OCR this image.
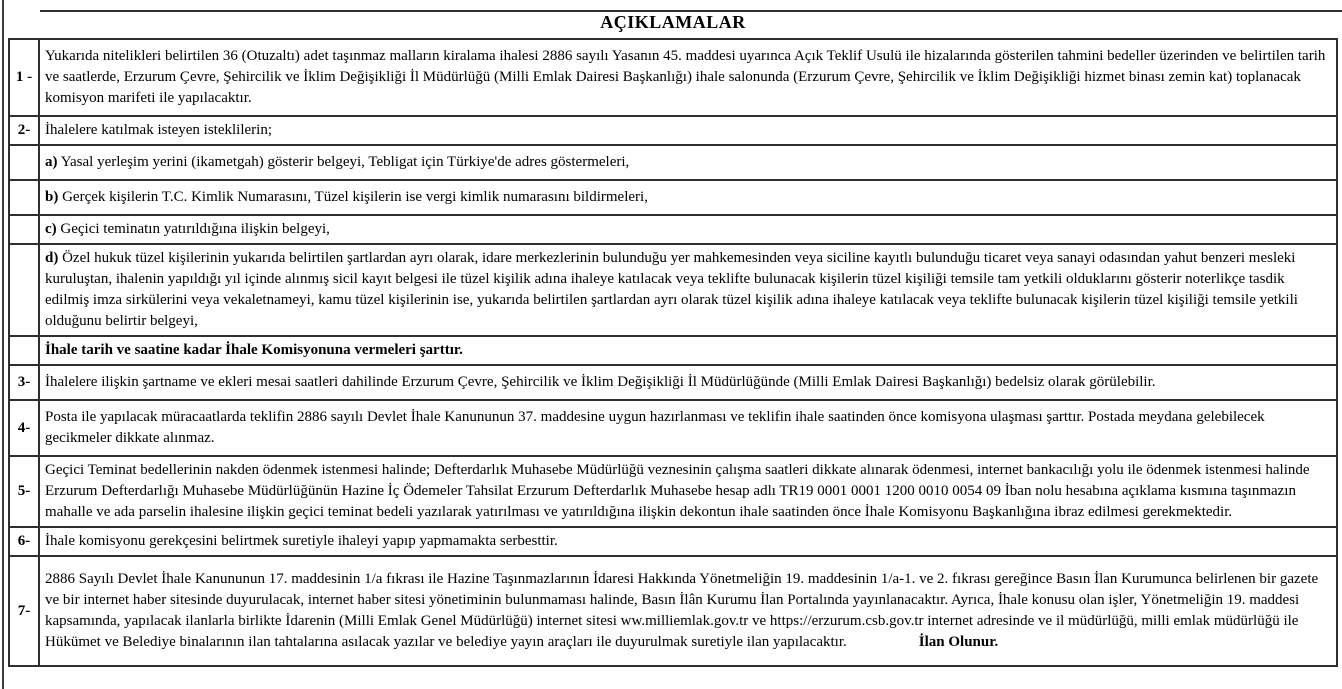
AÇIKLAMALAR
1 -	Yukarıda nitelikleri belirtilen 36 (Otuzaltı) adet taşınmaz malların kiralama ihalesi 2886 sayılı Yasanın 45. maddesi uyarınca Açık Teklif Usulü ile hizalarında gösterilen tahmini bedeller üzerinden ve belirtilen tarih ve saatlerde, Erzurum Çevre, Şehircilik ve İklim Değişikliği İl Müdürlüğü (Milli Emlak Dairesi Başkanlığı) ihale salonunda (Erzurum Çevre, Şehircilik ve İklim Değişikliği hizmet binası zemin kat) toplanacak komisyon marifeti ile yapılacaktır.
2-	İhalelere katılmak isteyen isteklilerin;
	a) Yasal yerleşim yerini (ikametgah) gösterir belgeyi, Tebligat için Türkiye'de adres göstermeleri,
	b) Gerçek kişilerin T.C. Kimlik Numarasını, Tüzel kişilerin ise vergi kimlik numarasını bildirmeleri,
	c) Geçici teminatın yatırıldığına ilişkin belgeyi,
	d) Özel hukuk tüzel kişilerinin yukarıda belirtilen şartlardan ayrı olarak, idare merkezlerinin bulunduğu yer mahkemesinden veya siciline kayıtlı bulunduğu ticaret veya sanayi odasından yahut benzeri mesleki kuruluştan, ihalenin yapıldığı yıl içinde alınmış sicil kayıt belgesi ile tüzel kişilik adına ihaleye katılacak veya teklifte bulunacak kişilerin tüzel kişiliği temsile tam yetkili olduklarını gösterir noterlikçe tasdik edilmiş imza sirkülerini veya vekaletnameyi, kamu tüzel kişilerinin ise, yukarıda belirtilen şartlardan ayrı olarak tüzel kişilik adına ihaleye katılacak veya teklifte bulunacak kişilerin tüzel kişiliği temsile yetkili olduğunu belirtir belgeyi,
	İhale tarih ve saatine kadar İhale Komisyonuna vermeleri şarttır.
3-	İhalelere ilişkin şartname ve ekleri mesai saatleri dahilinde Erzurum Çevre, Şehircilik ve İklim Değişikliği İl Müdürlüğünde (Milli Emlak Dairesi Başkanlığı) bedelsiz olarak görülebilir.
4-	Posta ile yapılacak müracaatlarda teklifin 2886 sayılı Devlet İhale Kanununun 37. maddesine uygun hazırlanması ve teklifin ihale saatinden önce komisyona ulaşması şarttır. Postada meydana gelebilecek gecikmeler dikkate alınmaz.
5-	Geçici Teminat bedellerinin nakden ödenmek istenmesi halinde; Defterdarlık Muhasebe Müdürlüğü veznesinin çalışma saatleri dikkate alınarak ödenmesi, internet bankacılığı yolu ile ödenmek istenmesi halinde Erzurum Defterdarlığı Muhasebe Müdürlüğünün Hazine İç Ödemeler Tahsilat Erzurum Defterdarlık Muhasebe hesap adlı TR19 0001 0001 1200 0010 0054 09 İban nolu hesabına açıklama kısmına taşınmazın mahalle ve ada parselin ihalesine ilişkin geçici teminat bedeli yazılarak yatırılması ve yatırıldığına ilişkin dekontun ihale saatinden önce İhale Komisyonu Başkanlığına ibraz edilmesi gerekmektedir.
6-	İhale komisyonu gerekçesini belirtmek suretiyle ihaleyi yapıp yapmamakta serbesttir.
7-	2886 Sayılı Devlet İhale Kanununun 17. maddesinin 1/a fıkrası ile Hazine Taşınmazlarının İdaresi Hakkında Yönetmeliğin 19. maddesinin 1/a-1. ve 2. fıkrası gereğince Basın İlan Kurumunca belirlenen bir gazete ve bir internet haber sitesinde duyurulacak, internet haber sitesi yönetiminin bulunmaması halinde, Basın İlân Kurumu İlan Portalında yayınlanacaktır. Ayrıca, İhale konusu olan işler, Yönetmeliğin 19. maddesi kapsamında, yapılacak ilanlarla birlikte İdarenin (Milli Emlak Genel Müdürlüğü) internet sitesi ww.milliemlak.gov.tr ve https://erzurum.csb.gov.tr internet adresinde ve il müdürlüğü, milli emlak müdürlüğü ile Hükümet ve Belediye binalarının ilan tahtalarına asılacak yazılar ve belediye yayın araçları ile duyurulmak suretiyle ilan yapılacaktır. İlan Olunur.
